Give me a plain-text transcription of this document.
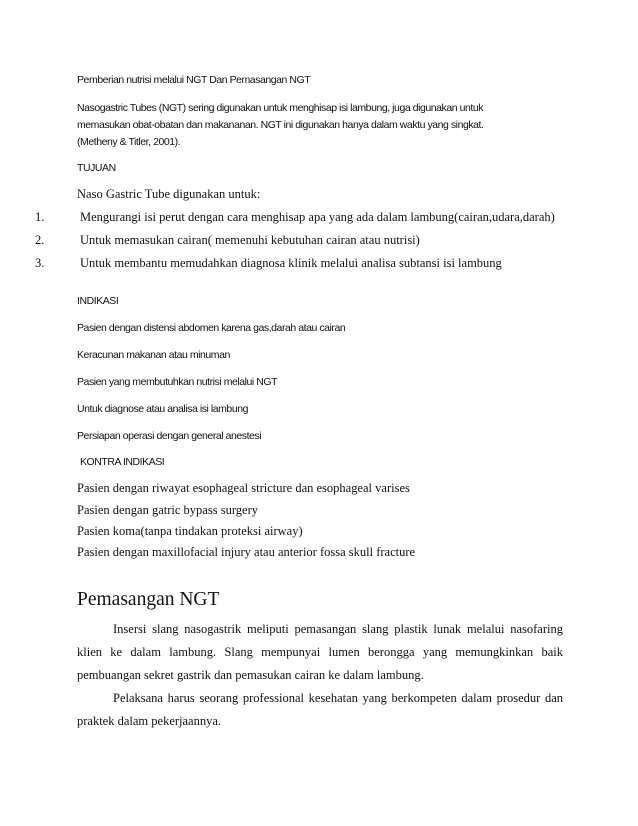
Pemberian nutrisi melalui NGT Dan Pemasangan NGT
Nasogastric Tubes (NGT) sering digunakan untuk menghisap isi lambung, juga digunakan untuk
memasukan obat-obatan dan makananan. NGT ini digunakan hanya dalam waktu yang singkat.
(Metheny & Titler, 2001).
TUJUAN
Naso Gastric Tube digunakan untuk:
1.	Mengurangi isi perut dengan cara menghisap apa yang ada dalam lambung(cairan,udara,darah)
2.	Untuk memasukan cairan( memenuhi kebutuhan cairan atau nutrisi)
3.	Untuk membantu memudahkan diagnosa klinik melalui analisa subtansi isi lambung
INDIKASI
Pasien dengan distensi abdomen karena gas,darah atau cairan
Keracunan makanan atau minuman
Pasien yang membutuhkan nutrisi melalui NGT
Untuk diagnose atau analisa isi lambung
Persiapan operasi dengan general anestesi
KONTRA INDIKASI
Pasien dengan riwayat esophageal stricture dan esophageal varises
Pasien dengan gatric bypass surgery
Pasien koma(tanpa tindakan proteksi airway)
Pasien dengan maxillofacial injury atau anterior fossa skull fracture
Pemasangan NGT
Insersi slang nasogastrik meliputi pemasangan slang plastik lunak melalui nasofaring
klien ke dalam lambung. Slang mempunyai lumen berongga yang memungkinkan baik
pembuangan sekret gastrik dan pemasukan cairan ke dalam lambung.
Pelaksana harus seorang professional kesehatan yang berkompeten dalam prosedur dan
praktek dalam pekerjaannya.
